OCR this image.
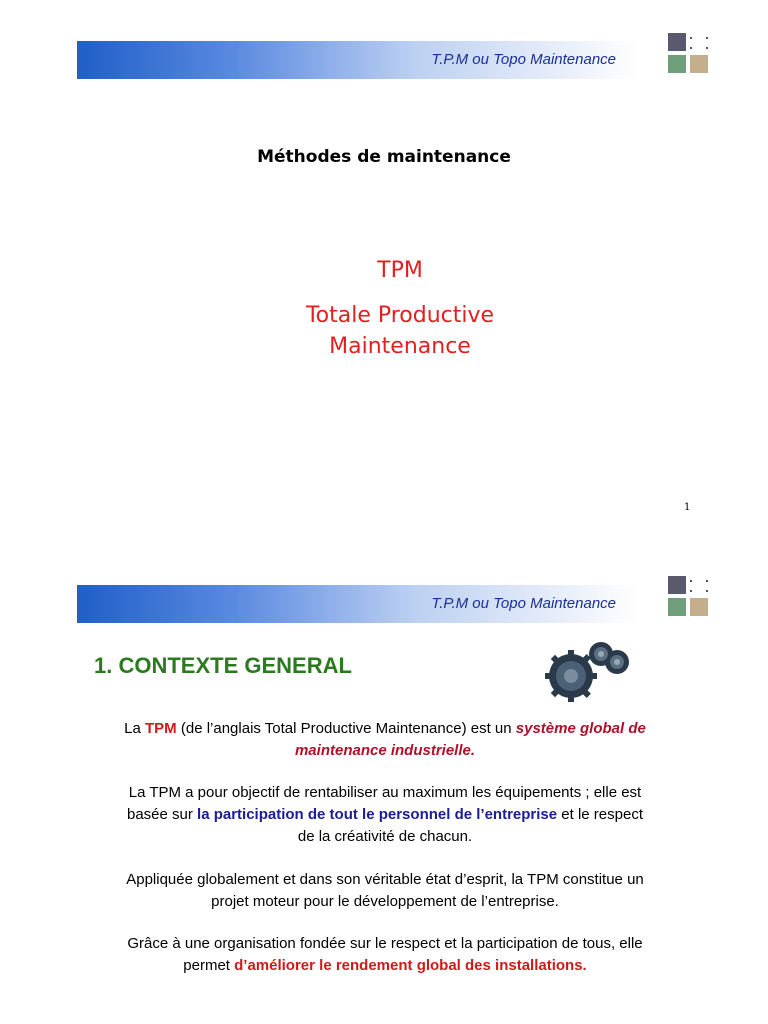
T.P.M ou Topo Maintenance
Méthodes de maintenance
TPM
Totale Productive
Maintenance
1
T.P.M ou Topo Maintenance
1. CONTEXTE GENERAL
La TPM (de l’anglais Total Productive Maintenance) est un système global de
maintenance industrielle.
La TPM a pour objectif de rentabiliser au maximum les équipements ; elle est
basée sur la participation de tout le personnel de l’entreprise et le respect
de la créativité de chacun.
Appliquée globalement et dans son véritable état d’esprit, la TPM constitue un
projet moteur pour le développement de l’entreprise.
Grâce à une organisation fondée sur le respect et la participation de tous, elle
permet d’améliorer le rendement global des installations.
